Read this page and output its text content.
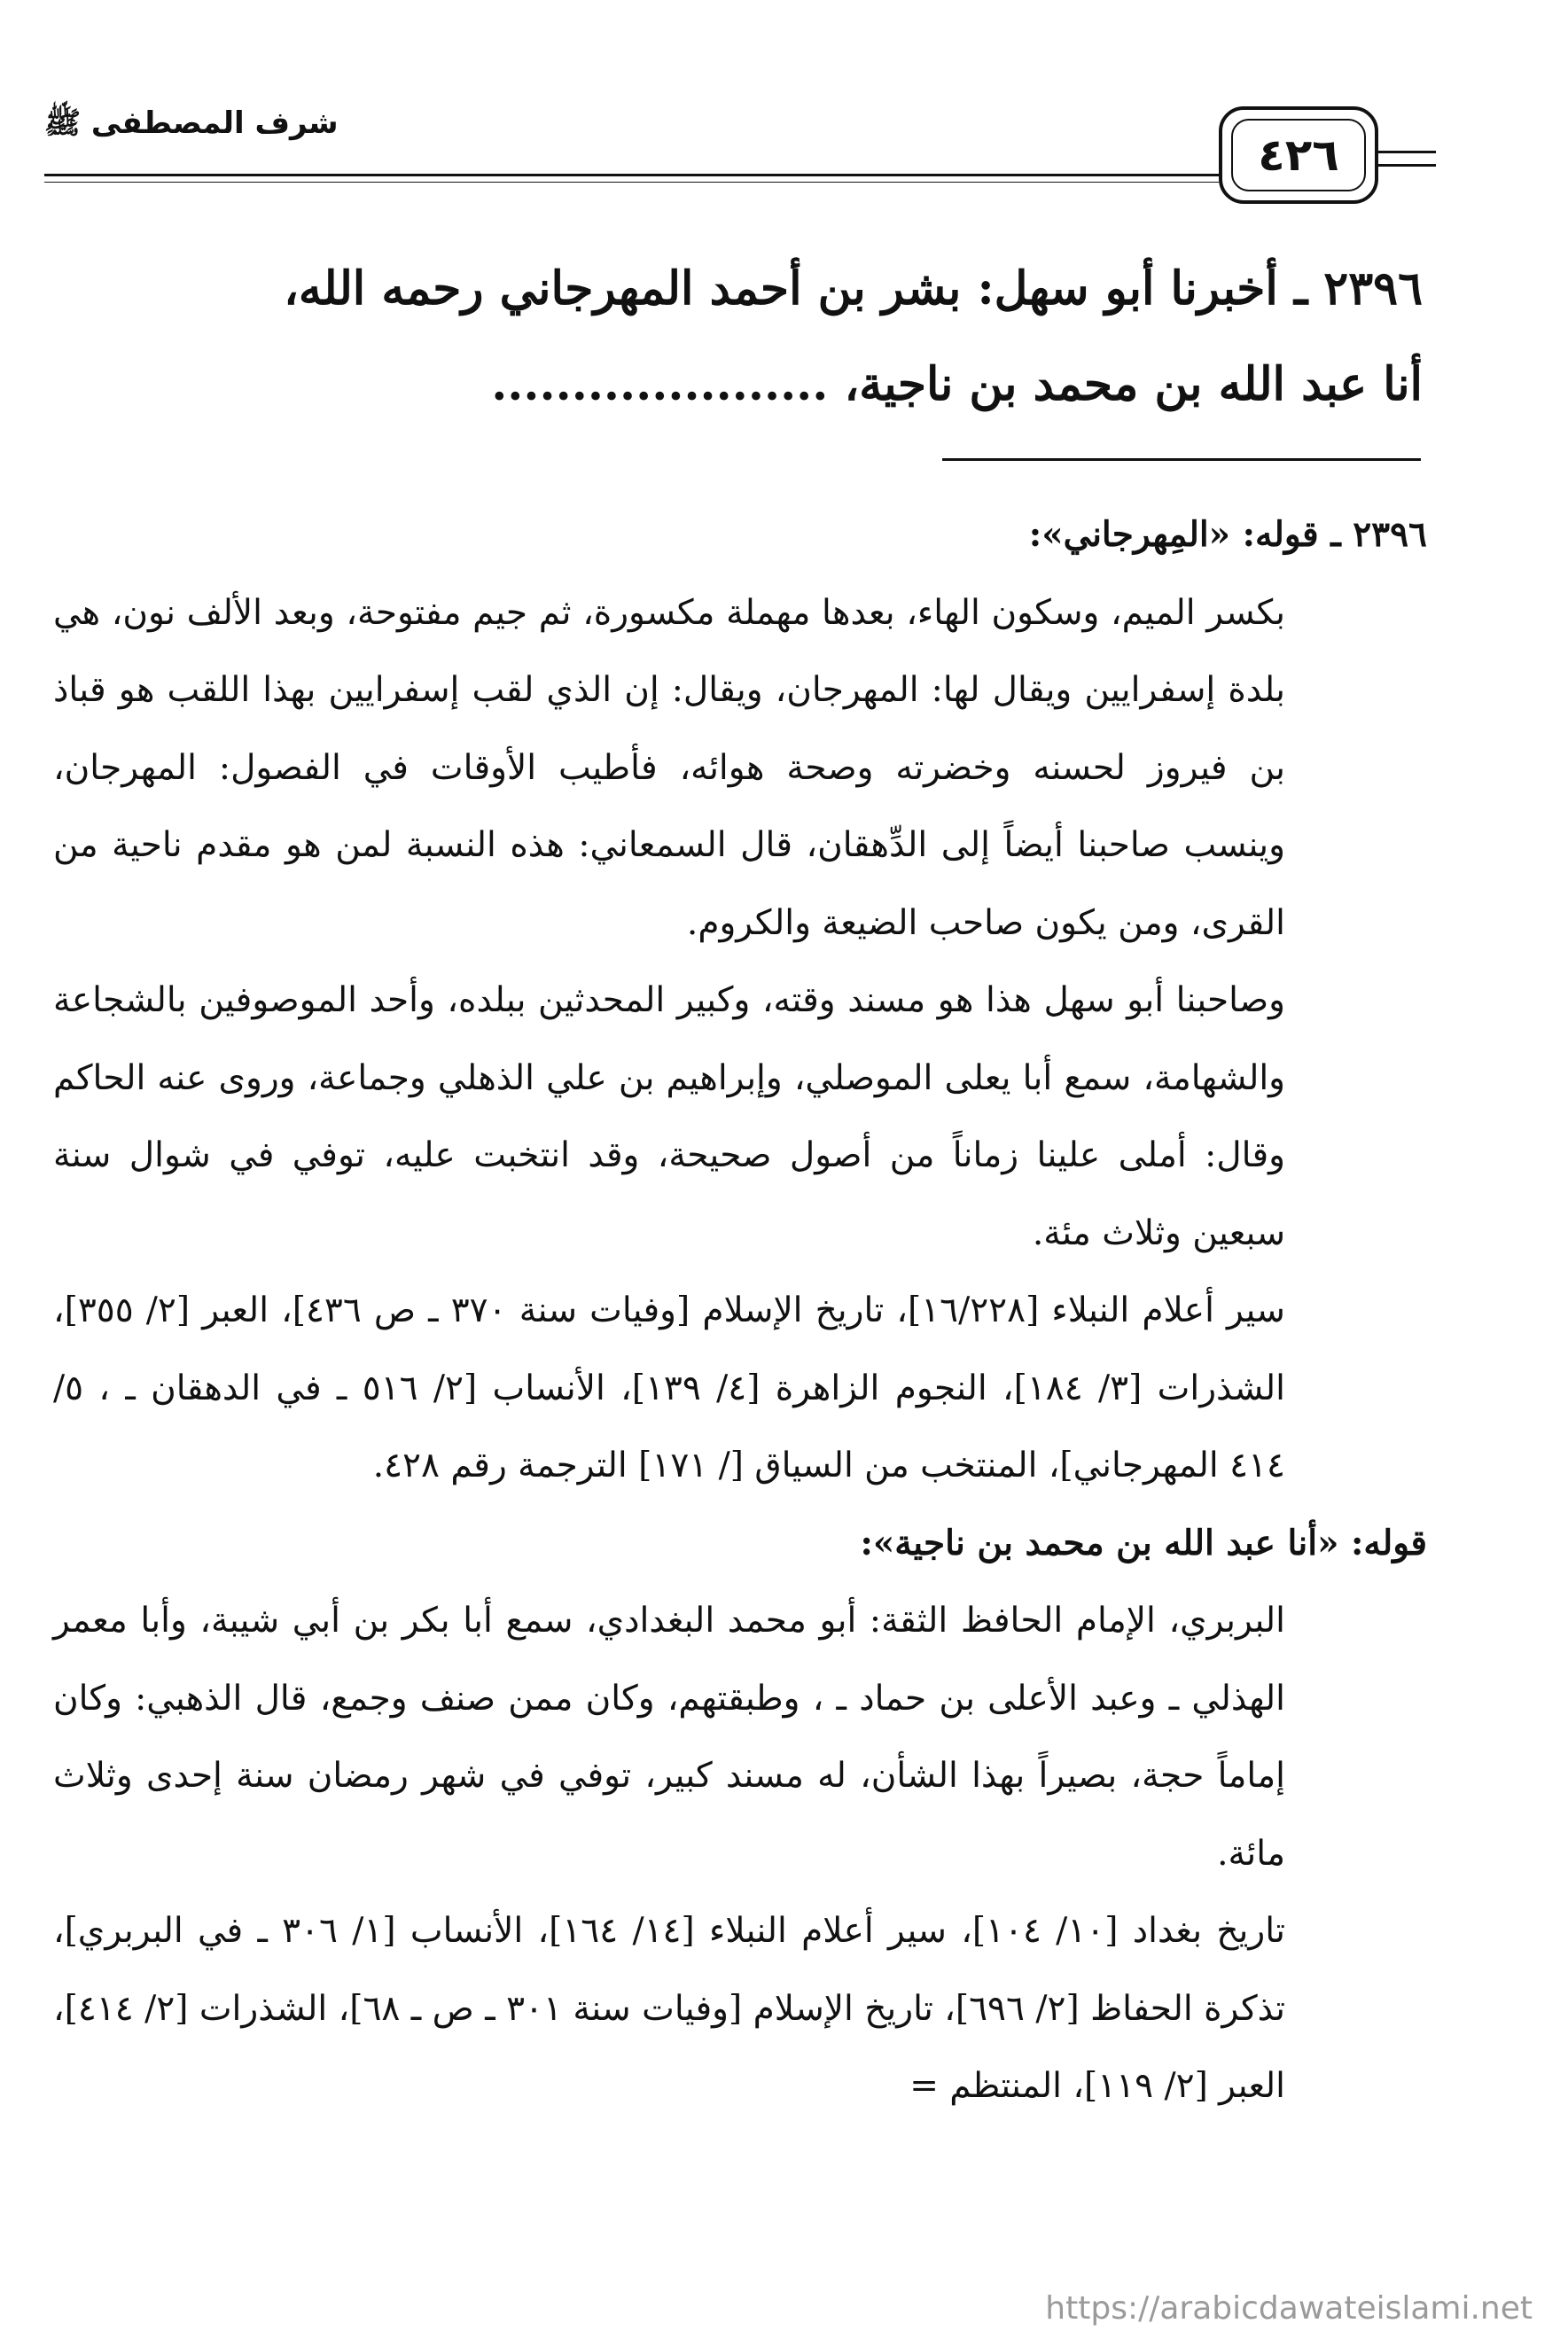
شرف المصطفى ﷺ
٤٢٦
٢٣٩٦ ـ أخبرنا أبو سهل: بشر بن أحمد المهرجاني رحمه الله،
أنا عبد الله بن محمد بن ناجية، .....................

٢٣٩٦ ـ قوله: «المِهرجاني»:

بكسر الميم، وسكون الهاء، بعدها مهملة مكسورة، ثم جيم مفتوحة، وبعد الألف نون، هي بلدة إسفرايين ويقال لها: المهرجان، ويقال: إن الذي لقب إسفرايين بهذا اللقب هو قباذ بن فيروز لحسنه وخضرته وصحة هوائه، فأطيب الأوقات في الفصول: المهرجان، وينسب صاحبنا أيضاً إلى الدِّهقان، قال السمعاني: هذه النسبة لمن هو مقدم ناحية من القرى، ومن يكون صاحب الضيعة والكروم.

وصاحبنا أبو سهل هذا هو مسند وقته، وكبير المحدثين ببلده، وأحد الموصوفين بالشجاعة والشهامة، سمع أبا يعلى الموصلي، وإبراهيم بن علي الذهلي وجماعة، وروى عنه الحاكم وقال: أملى علينا زماناً من أصول صحيحة، وقد انتخبت عليه، توفي في شوال سنة سبعين وثلاث مئة.

سير أعلام النبلاء [١٦/٢٢٨]، تاريخ الإسلام [وفيات سنة ٣٧٠ ـ ص ٤٣٦]، العبر [٢/ ٣٥٥]، الشذرات [٣/ ١٨٤]، النجوم الزاهرة [٤/ ١٣٩]، الأنساب [٢/ ٥١٦ ـ في الدهقان ـ ، ٥/ ٤١٤ المهرجاني]، المنتخب من السياق [/ ١٧١] الترجمة رقم ٤٢٨.

قوله: «أنا عبد الله بن محمد بن ناجية»:

البربري، الإمام الحافظ الثقة: أبو محمد البغدادي، سمع أبا بكر بن أبي شيبة، وأبا معمر الهذلي ـ وعبد الأعلى بن حماد ـ ، وطبقتهم، وكان ممن صنف وجمع، قال الذهبي: وكان إماماً حجة، بصيراً بهذا الشأن، له مسند كبير، توفي في شهر رمضان سنة إحدى وثلاث مائة.

تاريخ بغداد [١٠/ ١٠٤]، سير أعلام النبلاء [١٤/ ١٦٤]، الأنساب [١/ ٣٠٦ ـ في البربري]، تذكرة الحفاظ [٢/ ٦٩٦]، تاريخ الإسلام [وفيات سنة ٣٠١ ـ ص ـ ٦٨]، الشذرات [٢/ ٤١٤]، العبر [٢/ ١١٩]، المنتظم =

https://arabicdawateislami.net
